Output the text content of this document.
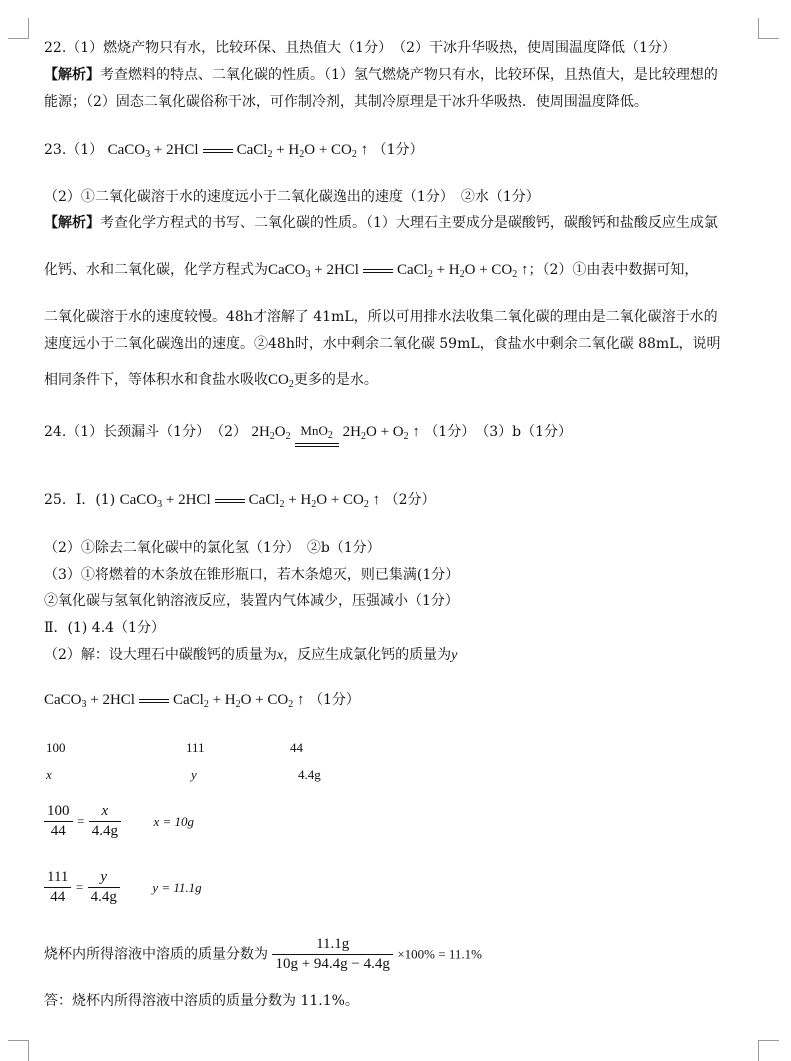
22.（1）燃烧产物只有水，比较环保、且热值大（1分）　（2）干冰升华吸热，使周围温度降低（1分）
【解析】考查燃料的特点、二氧化碳的性质。（1）氢气燃烧产物只有水，比较环保，且热值大，是比较理想的
能源；（2）固态二氧化碳俗称干冰，可作制冷剂，其制冷原理是干冰升华吸热．使周围温度降低。
23.（1） CaCO$_3$ + 2HCl	CaCl$_2$ + $H_2O + CO_2$ ↑ （1分）
（2）①二氧化碳溶于水的速度远小于二氧化碳逸出的速度（1分）　②水（1分）
【解析】考查化学方程式的书写、二氧化碳的性质。（1）大理石主要成分是碳酸钙，碳酸钙和盐酸反应生成氯
化钙、水和二氧化碳，化学方程式为CaCO$_3$ + 2HCl	CaCl$_2$ + $H_2O + CO_2$ ↑；（2）①由表中数据可知，
二氧化碳溶于水的速度较慢。48h才溶解了 41mL，所以可用排水法收集二氧化碳的理由是二氧化碳溶于水的
速度远小于二氧化碳逸出的速度。②48h时，水中剩余二氧化碳 59mL，食盐水中剩余二氧化碳 88mL，说明
相同条件下，等体积水和食盐水吸收$CO_2$更多的是水。
24.（1）长颈漏斗（1分）　（2） $2H_2O_2$ MnO$_2$ $2H_2O + O_2$ ↑ （1分）　 （3）b（1分）
25．Ⅰ．(1) CaCO$_3$ + 2HCl	CaCl$_2$ + $H_2O + CO_2$ ↑ （2分）
（2）①除去二氧化碳中的氯化氢（1分）　②b（1分）
（3）①将燃着的木条放在锥形瓶口，若木条熄灭，则已集满(1分）
②氧化碳与氢氧化钠溶液反应，装置内气体减少，压强减小（1分）
Ⅱ．(1) 4.4（1分）
（2）解：设大理石中碳酸钙的质量为x，反应生成氯化钙的质量为y
CaCO$_3$ + 2HCl	CaCl$_2$ + $H_2O + CO_2$ ↑ （1分）
100	111	44
x	y	4.4g
$\frac{100}{44} = \frac{x}{4.4g}$ x = 10g
$\frac{111}{44} = \frac{y}{4.4g}$ y = 11.1g
烧杯内所得溶液中溶质的质量分数为 $\frac{11.1g}{10g + 94.4g - 4.4g} \times 100\% = 11.1\%$
答：烧杯内所得溶液中溶质的质量分数为 11.1%。
